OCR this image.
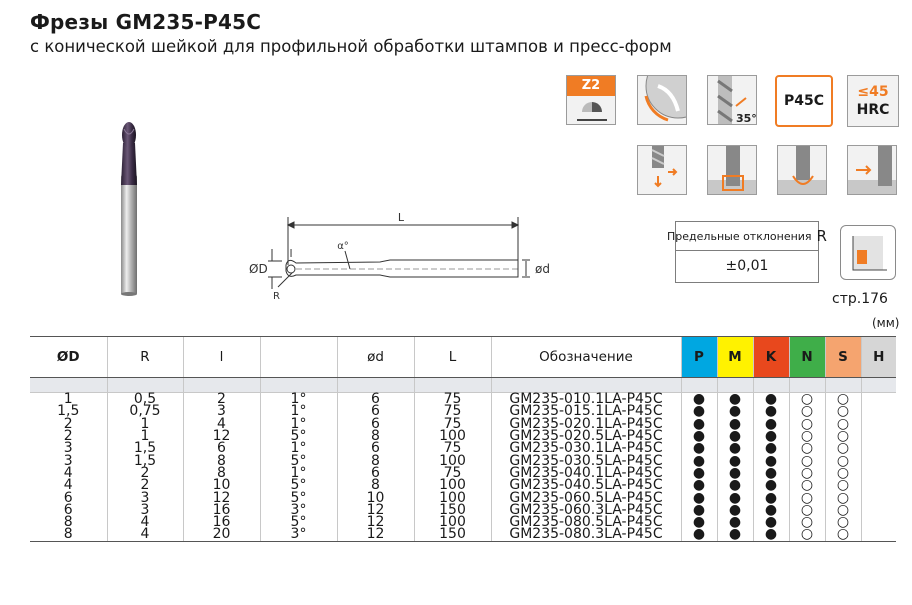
Фрезы GM235-P45C
с конической шейкой для профильной обработки штампов и пресс-форм
L
l
α°
ØD	ød
R
Z2
35°
P45C
≤45
HRC
Предельные отклонения R
±0,01
стр.176
(мм)
ØD	R	l		ød	L	Обозначение	P	M	K	N	S	H

1	0,5	2	1°	6	75	GM235-010.1LA-P45C	●	●	●	○	○	
1,5	0,75	3	1°	6	75	GM235-015.1LA-P45C	●	●	●	○	○	
2	1	4	1°	6	75	GM235-020.1LA-P45C	●	●	●	○	○	
2	1	12	5°	8	100	GM235-020.5LA-P45C	●	●	●	○	○	
3	1,5	6	1°	6	75	GM235-030.1LA-P45C	●	●	●	○	○	
3	1,5	8	5°	8	100	GM235-030.5LA-P45C	●	●	●	○	○	
4	2	8	1°	6	75	GM235-040.1LA-P45C	●	●	●	○	○	
4	2	10	5°	8	100	GM235-040.5LA-P45C	●	●	●	○	○	
6	3	12	5°	10	100	GM235-060.5LA-P45C	●	●	●	○	○	
6	3	16	3°	12	150	GM235-060.3LA-P45C	●	●	●	○	○	
8	4	16	5°	12	100	GM235-080.5LA-P45C	●	●	●	○	○	
8	4	20	3°	12	150	GM235-080.3LA-P45C	●	●	●	○	○	
